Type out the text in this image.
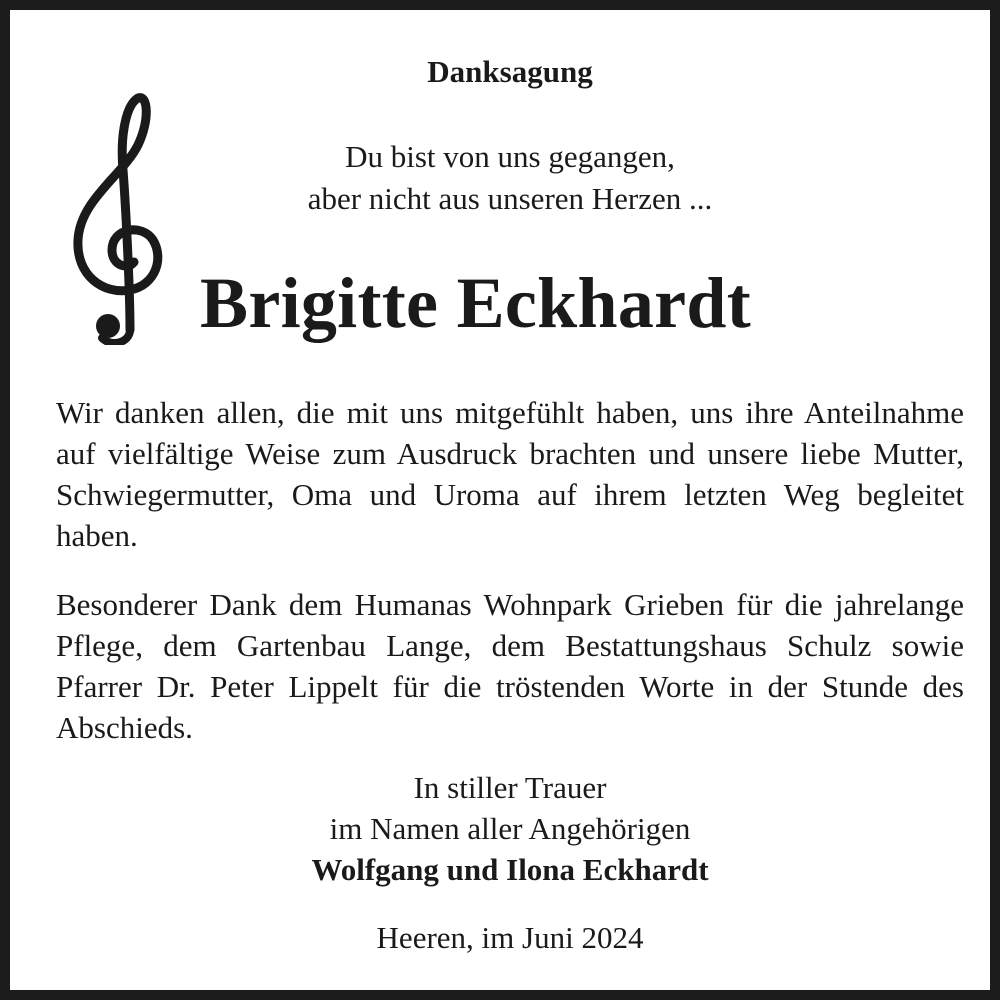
Danksagung
Du bist von uns gegangen,
aber nicht aus unseren Herzen ...
Brigitte Eckhardt
Wir danken allen, die mit uns mitgefühlt haben, uns ihre Anteilnahme auf vielfältige Weise zum Ausdruck brachten und unsere liebe Mutter, Schwiegermutter, Oma und Uroma auf ihrem letzten Weg begleitet haben.
Besonderer Dank dem Humanas Wohnpark Grieben für die jahrelange Pflege, dem Gartenbau Lange, dem Bestattungshaus Schulz sowie Pfarrer Dr. Peter Lippelt für die tröstenden Worte in der Stunde des Abschieds.
In stiller Trauer
im Namen aller Angehörigen
Wolfgang und Ilona Eckhardt
Heeren, im Juni 2024
